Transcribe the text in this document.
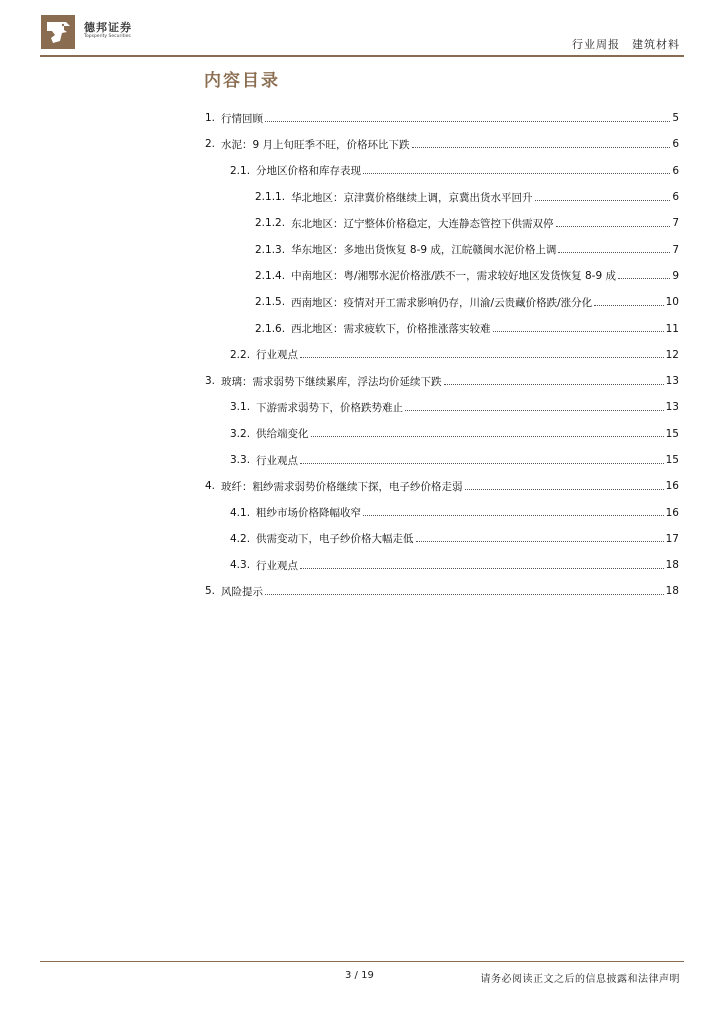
德邦证券
Topsperity Securities
行业周报 建筑材料
内容目录
1. 行情回顾	5
2. 水泥：9 月上旬旺季不旺，价格环比下跌	6
2.1. 分地区价格和库存表现	6
2.1.1. 华北地区：京津冀价格继续上调，京冀出货水平回升	6
2.1.2. 东北地区：辽宁整体价格稳定，大连静态管控下供需双停	7
2.1.3. 华东地区：多地出货恢复 8-9 成，江皖赣闽水泥价格上调	7
2.1.4. 中南地区：粤/湘鄂水泥价格涨/跌不一，需求较好地区发货恢复 8-9 成	9
2.1.5. 西南地区：疫情对开工需求影响仍存，川渝/云贵藏价格跌/涨分化	10
2.1.6. 西北地区：需求疲软下，价格推涨落实较难	11
2.2. 行业观点	12
3. 玻璃：需求弱势下继续累库，浮法均价延续下跌	13
3.1. 下游需求弱势下，价格跌势难止	13
3.2. 供给端变化	15
3.3. 行业观点	15
4. 玻纤：粗纱需求弱势价格继续下探，电子纱价格走弱	16
4.1. 粗纱市场价格降幅收窄	16
4.2. 供需变动下，电子纱价格大幅走低	17
4.3. 行业观点	18
5. 风险提示	18
3 / 19	请务必阅读正文之后的信息披露和法律声明
